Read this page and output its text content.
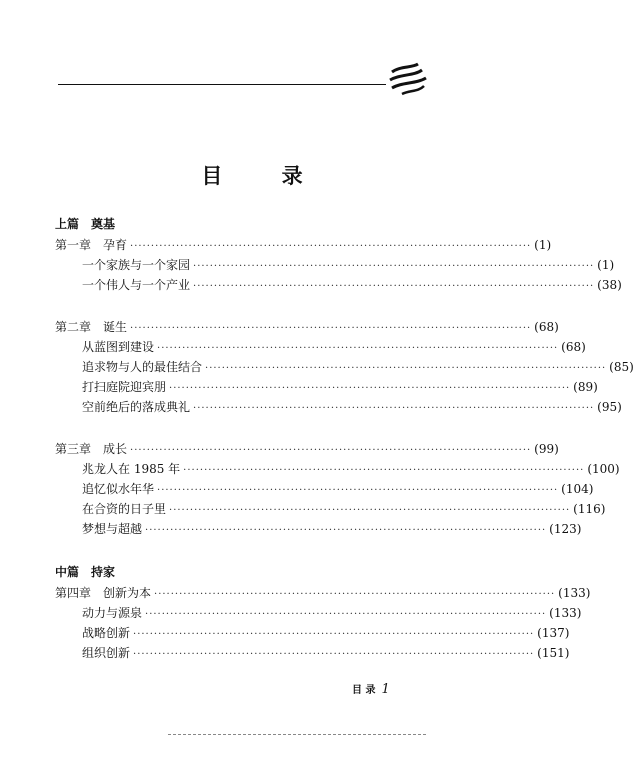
目 录
上篇　奠基
第一章　孕育 ································································································ (1)
一个家族与一个家园 ································································································ (1)
一个伟人与一个产业 ································································································ (38)
第二章　诞生 ································································································ (68)
从蓝图到建设 ································································································ (68)
追求物与人的最佳结合 ································································································ (85)
打扫庭院迎宾朋 ································································································ (89)
空前绝后的落成典礼 ································································································ (95)
第三章　成长 ································································································ (99)
兆龙人在 1985 年 ································································································ (100)
追忆似水年华 ································································································ (104)
在合资的日子里 ································································································ (116)
梦想与超越 ································································································ (123)
中篇　持家
第四章　创新为本 ································································································ (133)
动力与源泉 ································································································ (133)
战略创新 ································································································ (137)
组织创新 ································································································ (151)
目 录 1
